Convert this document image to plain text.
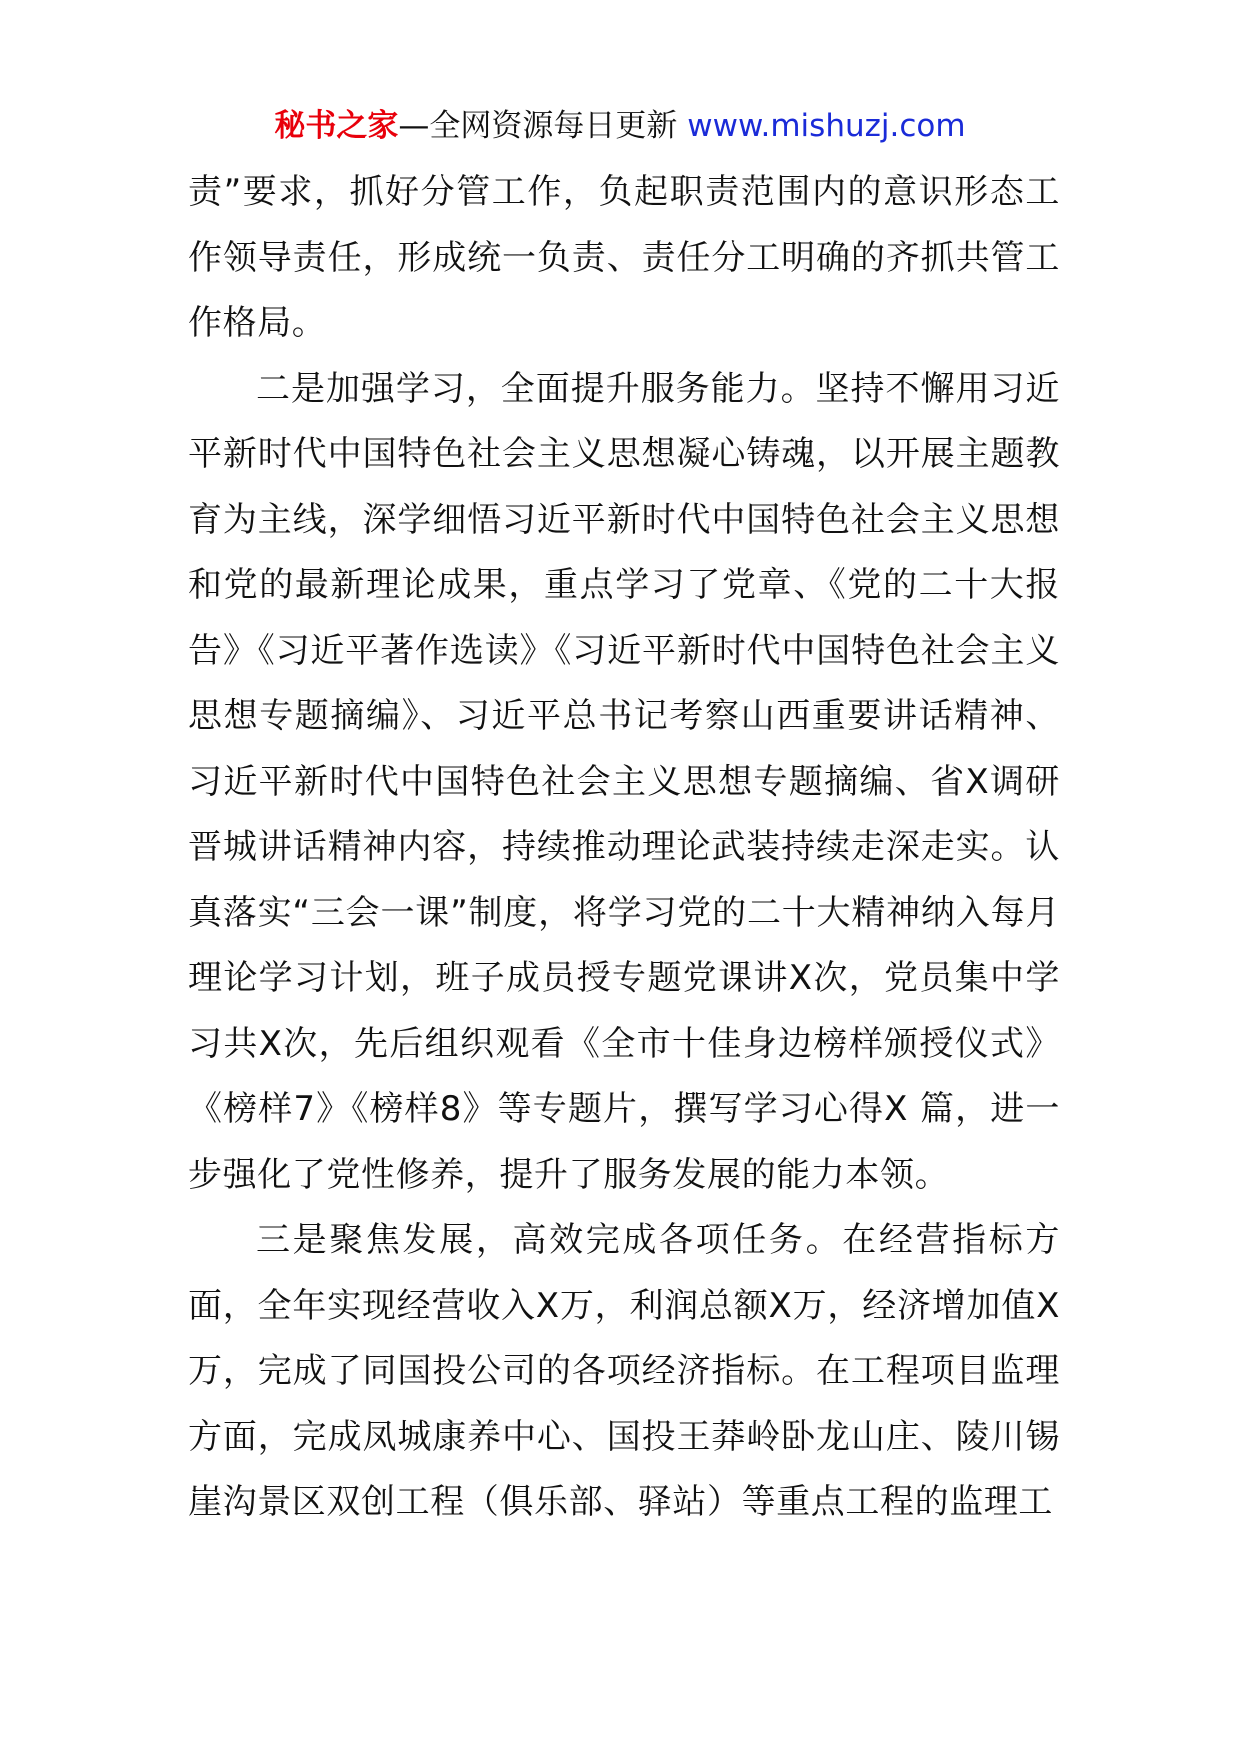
秘书之家—全网资源每日更新 www.mishuzj.com

责”要求，抓好分管工作，负起职责范围内的意识形态工作领导责任，形成统一负责、责任分工明确的齐抓共管工作格局。

二是加强学习，全面提升服务能力。坚持不懈用习近平新时代中国特色社会主义思想凝心铸魂，以开展主题教育为主线，深学细悟习近平新时代中国特色社会主义思想和党的最新理论成果，重点学习了党章、《党的二十大报告》《习近平著作选读》《习近平新时代中国特色社会主义思想专题摘编》、习近平总书记考察山西重要讲话精神、习近平新时代中国特色社会主义思想专题摘编、省X调研晋城讲话精神内容，持续推动理论武装持续走深走实。认真落实“三会一课”制度，将学习党的二十大精神纳入每月理论学习计划，班子成员授专题党课讲X次，党员集中学习共X次，先后组织观看《全市十佳身边榜样颁授仪式》《榜样7》《榜样8》等专题片，撰写学习心得X 篇，进一步强化了党性修养，提升了服务发展的能力本领。

三是聚焦发展，高效完成各项任务。在经营指标方面，全年实现经营收入X万，利润总额X万，经济增加值X万，完成了同国投公司的各项经济指标。在工程项目监理方面，完成凤城康养中心、国投王莽岭卧龙山庄、陵川锡崖沟景区双创工程（俱乐部、驿站）等重点工程的监理工
